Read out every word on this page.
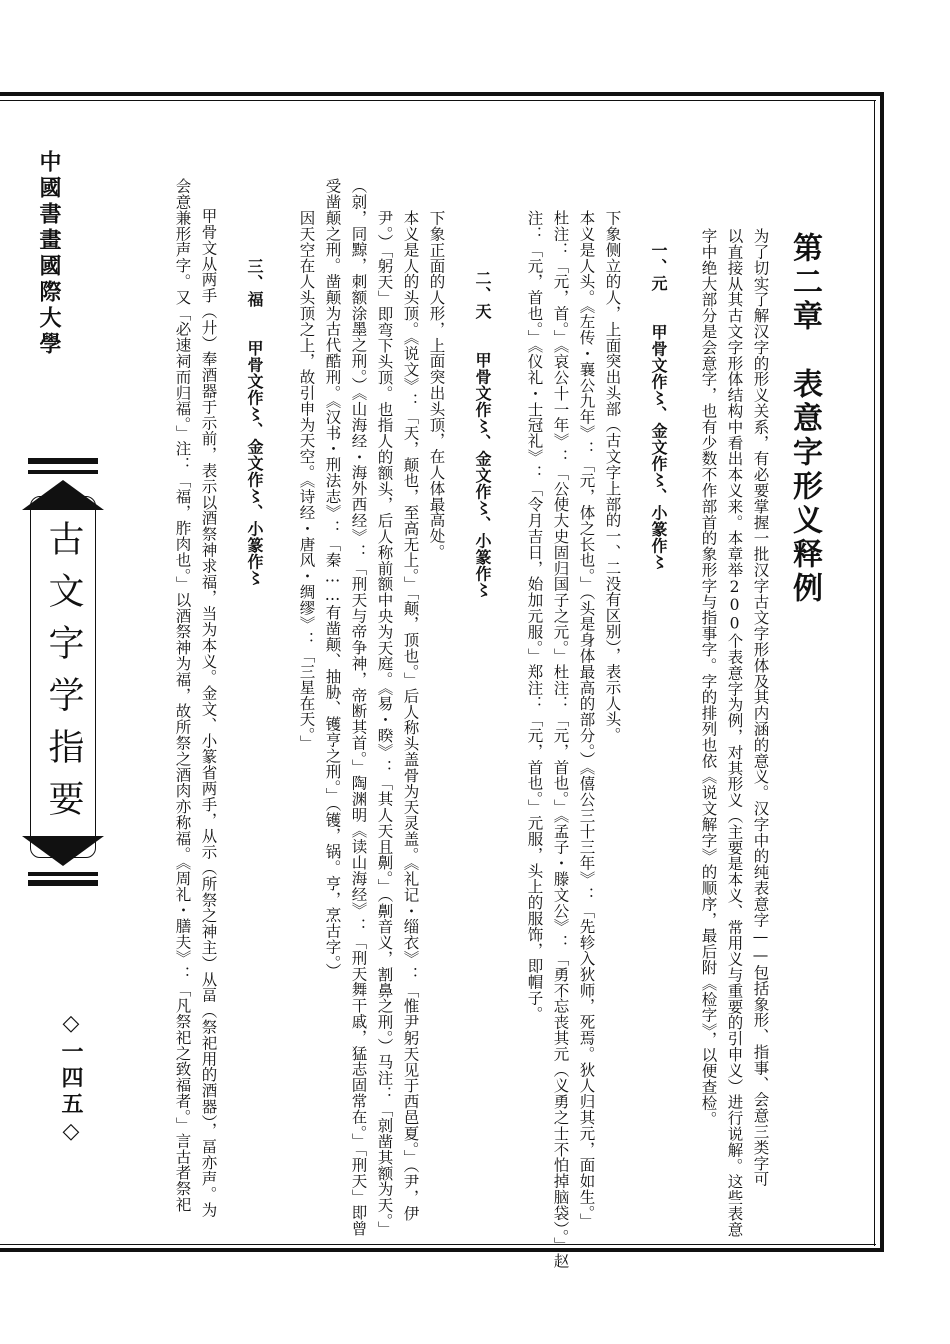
中國書畫國際大學
古文字学指要
◇一四五◇
第二章　表意字形义释例
为了切实了解汉字的形义关系，有必要掌握一批汉字古文字形体及其内涵的意义。汉字中的纯表意字——包括象形、指事、会意三类字可
以直接从其古文字形体结构中看出本义来。本章举200个表意字为例，对其形义（主要是本义、常用义与重要的引申义）进行说解。这些表意
字中绝大部分是会意字，也有少数不作部首的象形字与指事字。字的排列也依《说文解字》的顺序，最后附《检字》，以便查检。
一、元　　甲骨文作〻、金文作〻、小篆作〻
下象侧立的人，上面突出头部（古文字上部的一、二没有区别），表示人头。
本义是人头。《左传・襄公九年》：「元，体之长也。」（头是身体最高的部分。）《僖公三十三年》：「先轸入狄师，死焉。狄人归其元，面如生。」
杜注：「元，首。」《哀公十一年》：「公使大史固归国子之元。」杜注：「元，首也。」《孟子・滕文公》：「勇不忘丧其元（义勇之士不怕掉脑袋）。」赵
注：「元，首也。」《仪礼・士冠礼》：「令月吉日，始加元服。」郑注：「元，首也。」元服，头上的服饰，即帽子。
二、天　　甲骨文作〻、金文作〻、小篆作〻
下象正面的人形，上面突出头顶，在人体最高处。
本义是人的头顶。《说文》：「天，颠也，至高无上。」「颠，顶也。」后人称头盖骨为天灵盖。《礼记・缁衣》：「惟尹躬天见于西邑夏。」（尹，伊
尹。）「躬天」即弯下头顶。也指人的额头，后人称前额中央为天庭。《易・睽》：「其人天且劓。」（劓音义，割鼻之刑。）马注：「剠凿其额为天。」
（剠，同黥，刺额涂墨之刑。）《山海经・海外西经》：「刑天与帝争神，帝断其首。」陶渊明《读山海经》：「刑天舞干戚，猛志固常在。」「刑天」即曾
受凿颠之刑。凿颠为古代酷刑。《汉书・刑法志》：「秦……有凿颠、抽胁、镬亨之刑。」（镬，锅。亨，烹古字。）
因天空在人头顶之上，故引申为天空。《诗经・唐风・绸缪》：「三星在天。」
三、福　　甲骨文作〻、金文作〻、小篆作〻
甲骨文从两手（廾）奉酒器于示前，表示以酒祭神求福，当为本义。金文、小篆省两手，从示（所祭之神主）从畐（祭祀用的酒器），畐亦声。为
会意兼形声字。又「必速祠而归福。」注：「福，胙肉也。」以酒祭神为福，故所祭之酒肉亦称福。《周礼・膳夫》：「凡祭祀之致福者。」言古者祭祀
